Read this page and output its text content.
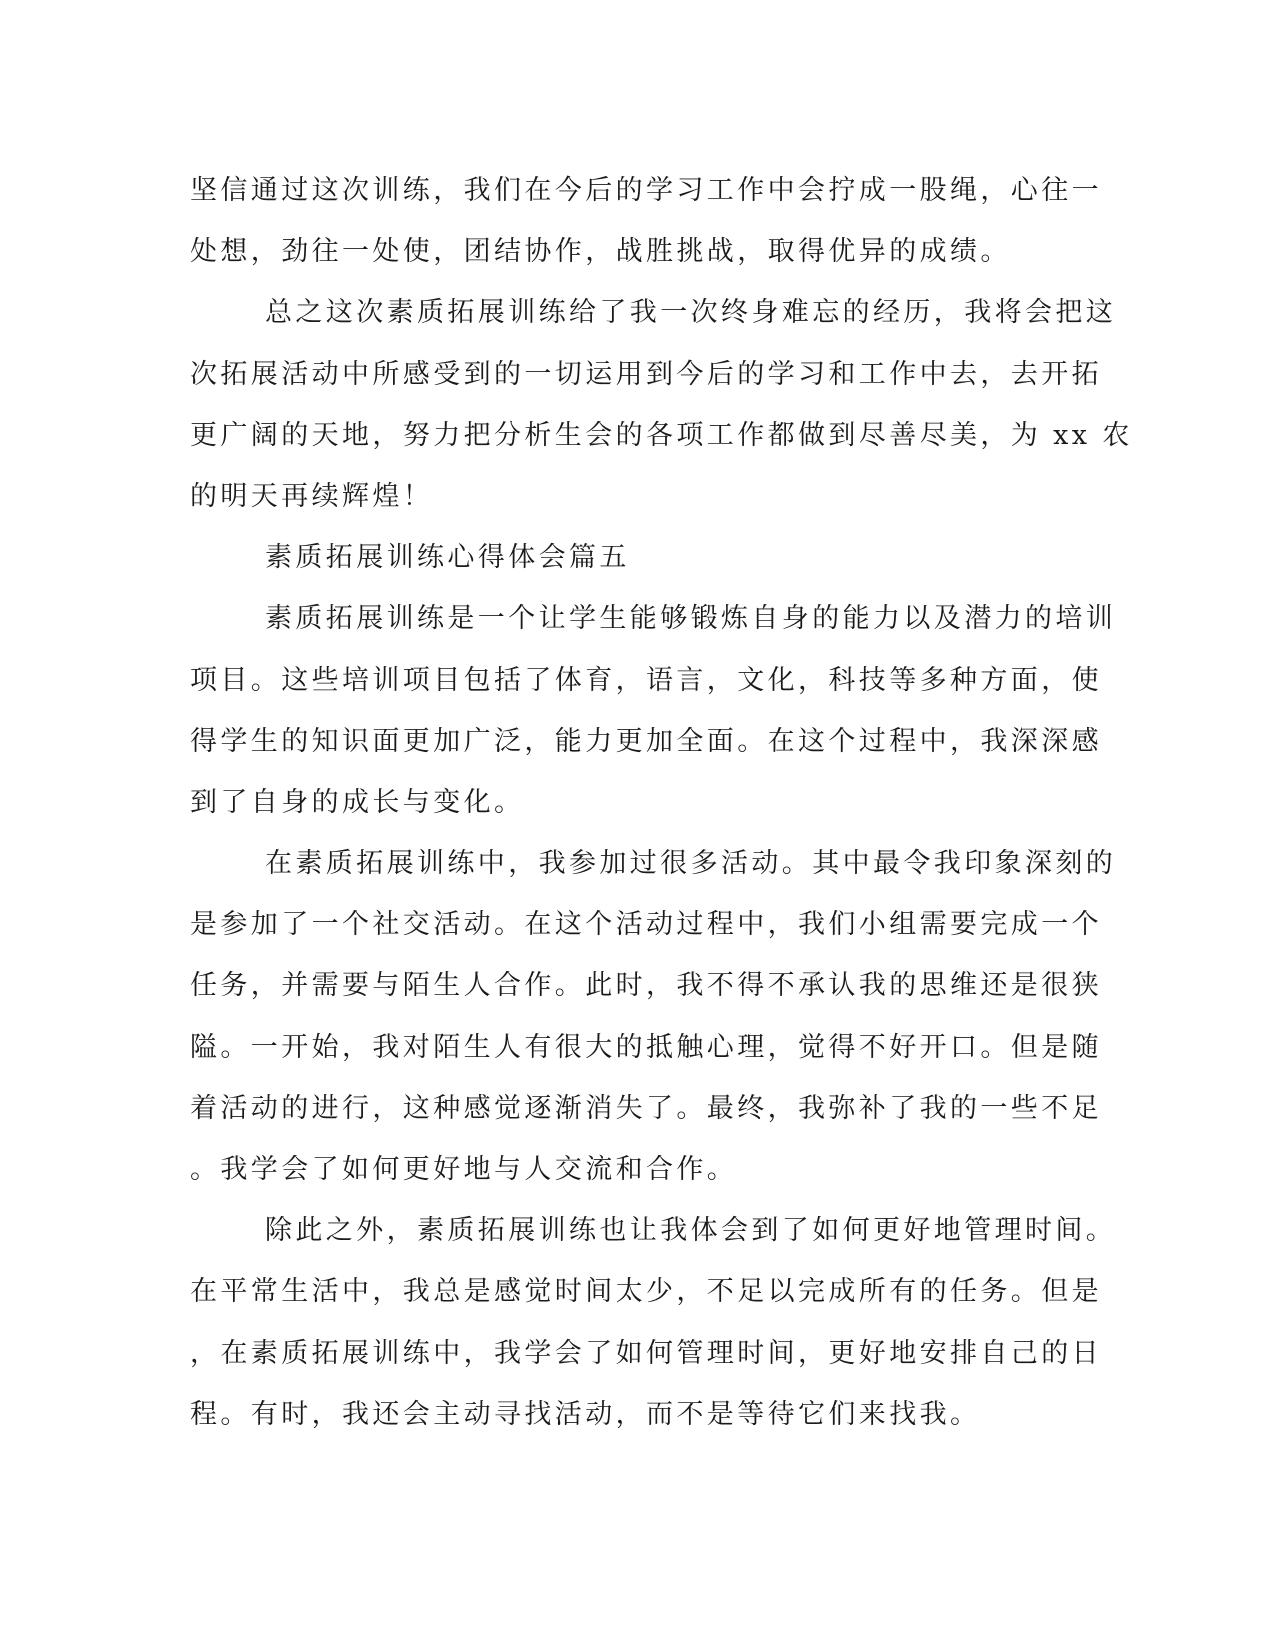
坚信通过这次训练，我们在今后的学习工作中会拧成一股绳，心往一

处想，劲往一处使，团结协作，战胜挑战，取得优异的成绩。

总之这次素质拓展训练给了我一次终身难忘的经历，我将会把这

次拓展活动中所感受到的一切运用到今后的学习和工作中去，去开拓

更广阔的天地，努力把分析生会的各项工作都做到尽善尽美，为 xx 农

的明天再续辉煌！

素质拓展训练心得体会篇五

素质拓展训练是一个让学生能够锻炼自身的能力以及潜力的培训

项目。这些培训项目包括了体育，语言，文化，科技等多种方面，使

得学生的知识面更加广泛，能力更加全面。在这个过程中，我深深感

到了自身的成长与变化。

在素质拓展训练中，我参加过很多活动。其中最令我印象深刻的

是参加了一个社交活动。在这个活动过程中，我们小组需要完成一个

任务，并需要与陌生人合作。此时，我不得不承认我的思维还是很狭

隘。一开始，我对陌生人有很大的抵触心理，觉得不好开口。但是随

着活动的进行，这种感觉逐渐消失了。最终，我弥补了我的一些不足

。我学会了如何更好地与人交流和合作。

除此之外，素质拓展训练也让我体会到了如何更好地管理时间。

在平常生活中，我总是感觉时间太少，不足以完成所有的任务。但是

，在素质拓展训练中，我学会了如何管理时间，更好地安排自己的日

程。有时，我还会主动寻找活动，而不是等待它们来找我。
